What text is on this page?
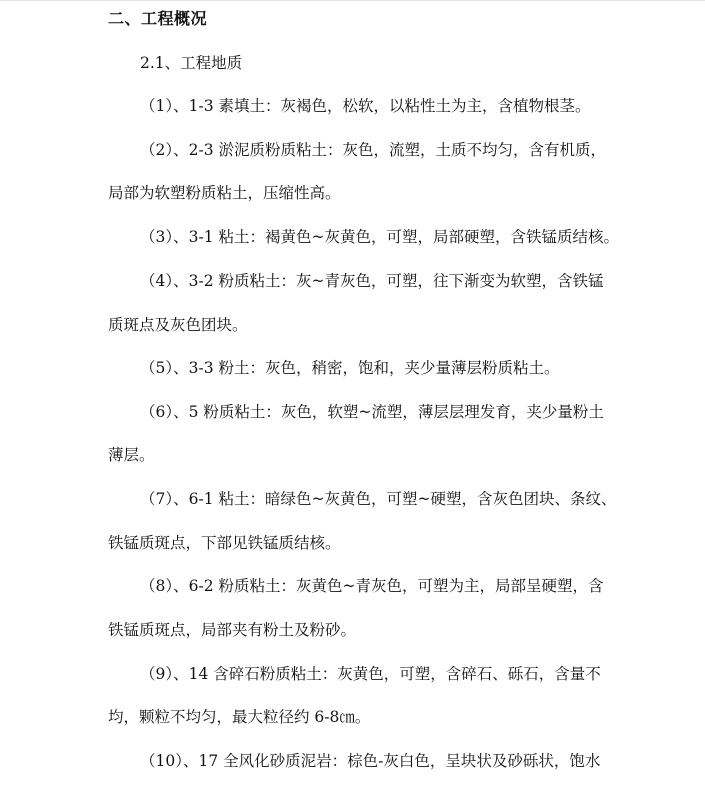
二、工程概况
2.1、工程地质
（1）、1-3 素填土：灰褐色，松软，以粘性土为主，含植物根茎。
（2）、2-3 淤泥质粉质粘土：灰色，流塑，土质不均匀，含有机质，
局部为软塑粉质粘土，压缩性高。
（3）、3-1 粘土：褐黄色~灰黄色，可塑，局部硬塑，含铁锰质结核。
（4）、3-2 粉质粘土：灰~青灰色，可塑，往下渐变为软塑，含铁锰
质斑点及灰色团块。
（5）、3-3 粉土：灰色，稍密，饱和，夹少量薄层粉质粘土。
（6）、5 粉质粘土：灰色，软塑~流塑，薄层层理发育，夹少量粉土
薄层。
（7）、6-1 粘土：暗绿色~灰黄色，可塑~硬塑，含灰色团块、条纹、
铁锰质斑点，下部见铁锰质结核。
（8）、6-2 粉质粘土：灰黄色~青灰色，可塑为主，局部呈硬塑，含
铁锰质斑点，局部夹有粉土及粉砂。
（9）、14 含碎石粉质粘土：灰黄色，可塑，含碎石、砾石，含量不
均，颗粒不均匀，最大粒径约 6-8㎝。
（10）、17 全风化砂质泥岩：棕色-灰白色，呈块状及砂砾状，饱水
